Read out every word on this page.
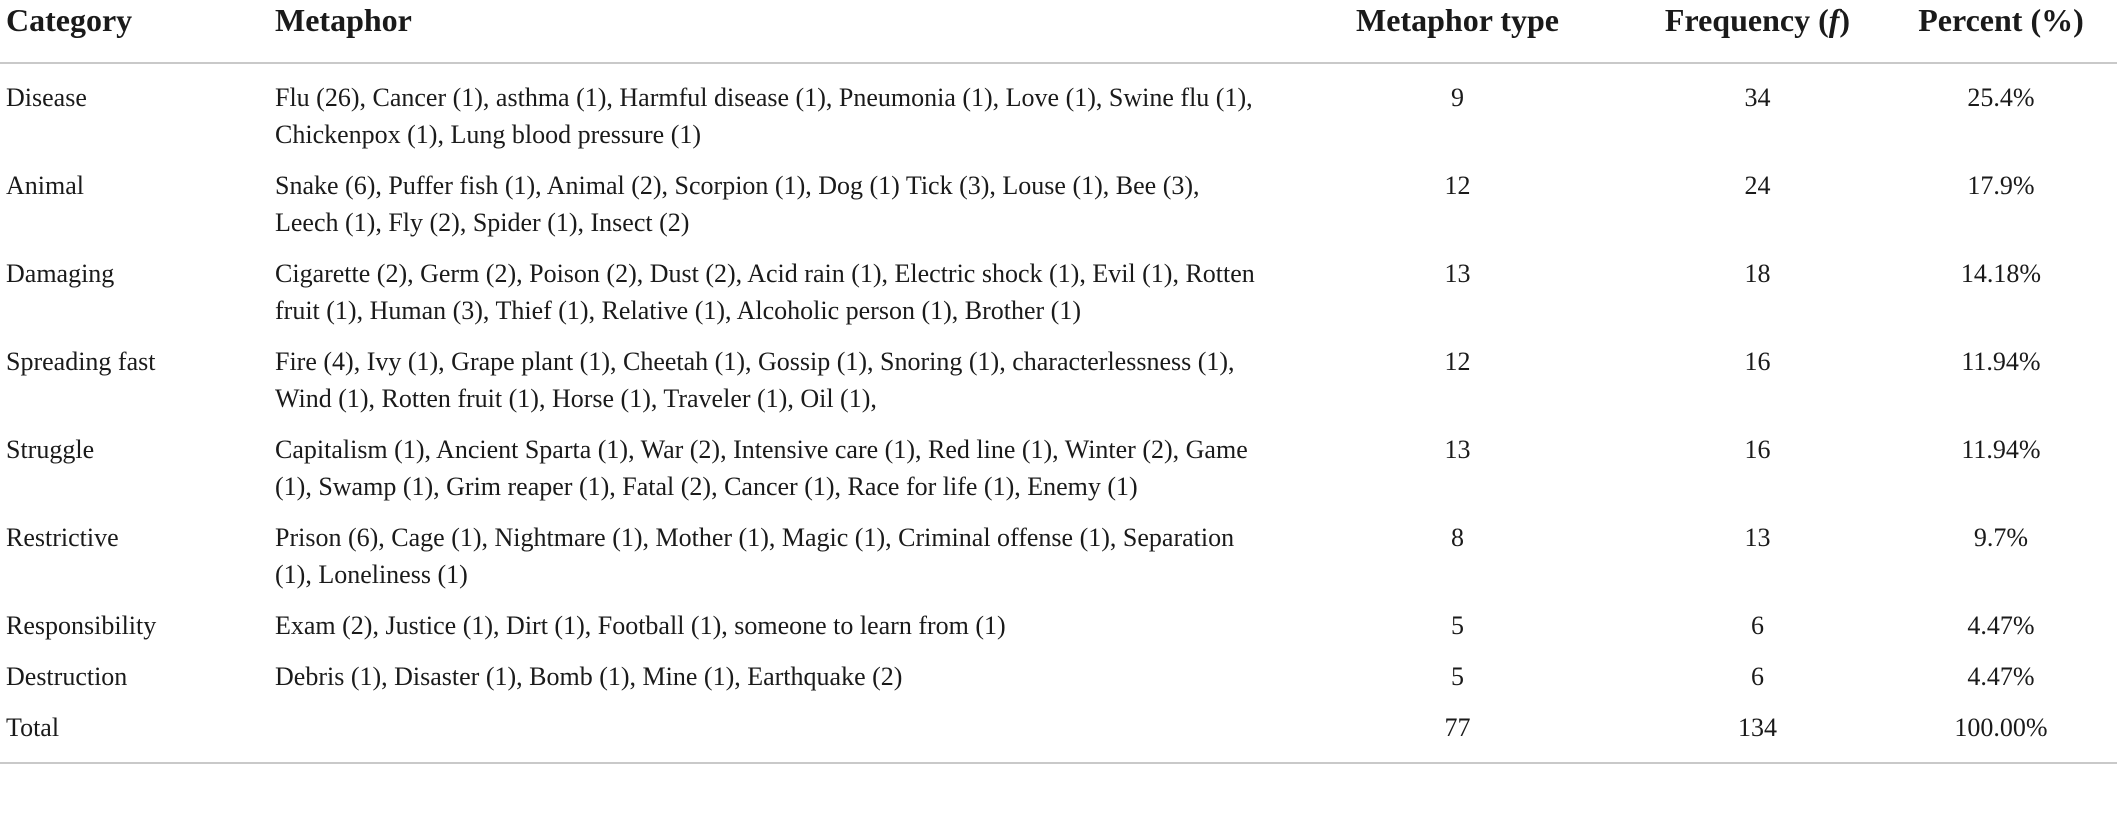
Category	Metaphor	Metaphor type	Frequency (f)	Percent (%)
Disease	Flu (26), Cancer (1), asthma (1), Harmful disease (1), Pneumonia (1), Love (1), Swine flu (1), Chickenpox (1), Lung blood pressure (1)	9	34	25.4%
Animal	Snake (6), Puffer fish (1), Animal (2), Scorpion (1), Dog (1) Tick (3), Louse (1), Bee (3), Leech (1), Fly (2), Spider (1), Insect (2)	12	24	17.9%
Damaging	Cigarette (2), Germ (2), Poison (2), Dust (2), Acid rain (1), Electric shock (1), Evil (1), Rotten fruit (1), Human (3), Thief (1), Relative (1), Alcoholic person (1), Brother (1)	13	18	14.18%
Spreading fast	Fire (4), Ivy (1), Grape plant (1), Cheetah (1), Gossip (1), Snoring (1), characterlessness (1), Wind (1), Rotten fruit (1), Horse (1), Traveler (1), Oil (1),	12	16	11.94%
Struggle	Capitalism (1), Ancient Sparta (1), War (2), Intensive care (1), Red line (1), Winter (2), Game (1), Swamp (1), Grim reaper (1), Fatal (2), Cancer (1), Race for life (1), Enemy (1)	13	16	11.94%
Restrictive	Prison (6), Cage (1), Nightmare (1), Mother (1), Magic (1), Criminal offense (1), Separation (1), Loneliness (1)	8	13	9.7%
Responsibility	Exam (2), Justice (1), Dirt (1), Football (1), someone to learn from (1)	5	6	4.47%
Destruction	Debris (1), Disaster (1), Bomb (1), Mine (1), Earthquake (2)	5	6	4.47%
Total		77	134	100.00%
